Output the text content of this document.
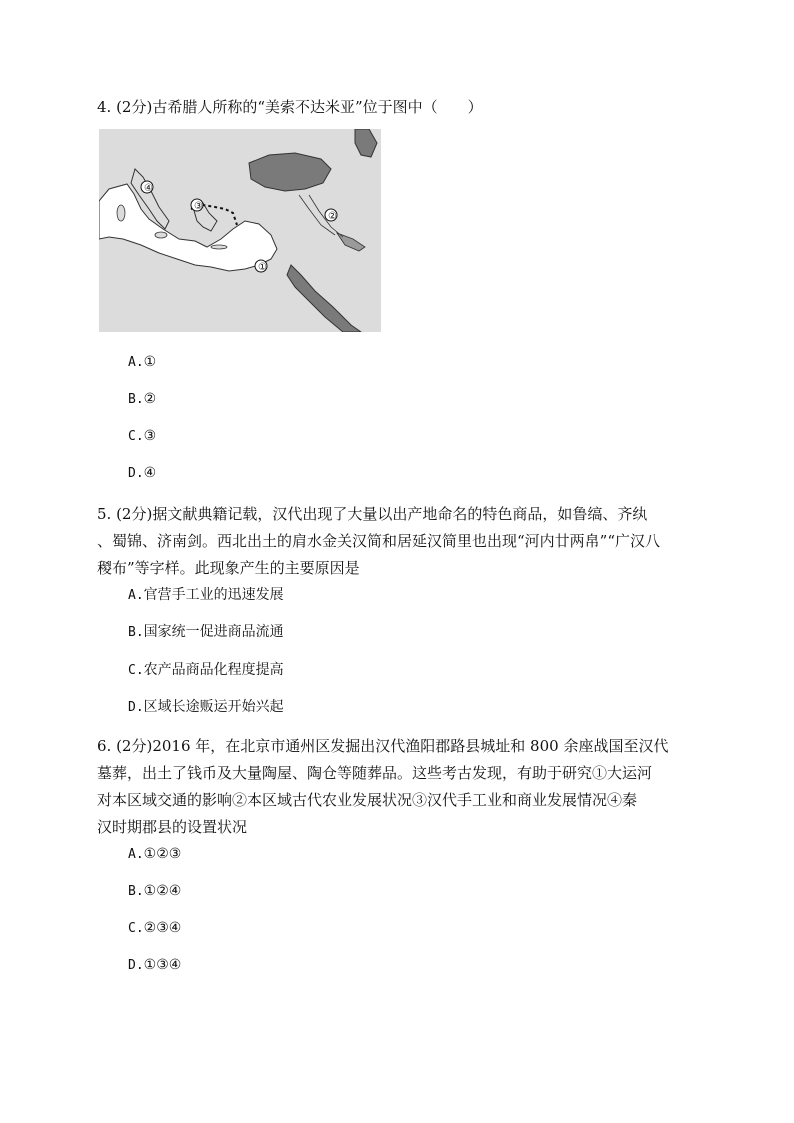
4. (2分)古希腊人所称的“美索不达米亚”位于图中（　　）
①
②
③
④
A.①
B.②
C.③
D.④
5. (2分)据文献典籍记载，汉代出现了大量以出产地命名的特色商品，如鲁缟、齐纨
、蜀锦、济南剑。西北出土的肩水金关汉简和居延汉简里也出现“河内廿两帛”“广汉八
稯布”等字样。此现象产生的主要原因是
A.官营手工业的迅速发展
B.国家统一促进商品流通
C.农产品商品化程度提高
D.区域长途贩运开始兴起
6. (2分)2016 年，在北京市通州区发掘出汉代渔阳郡路县城址和 800 余座战国至汉代
墓葬，出土了钱币及大量陶屋、陶仓等随葬品。这些考古发现，有助于研究①大运河
对本区域交通的影响②本区域古代农业发展状况③汉代手工业和商业发展情况④秦
汉时期郡县的设置状况
A.①②③
B.①②④
C.②③④
D.①③④
